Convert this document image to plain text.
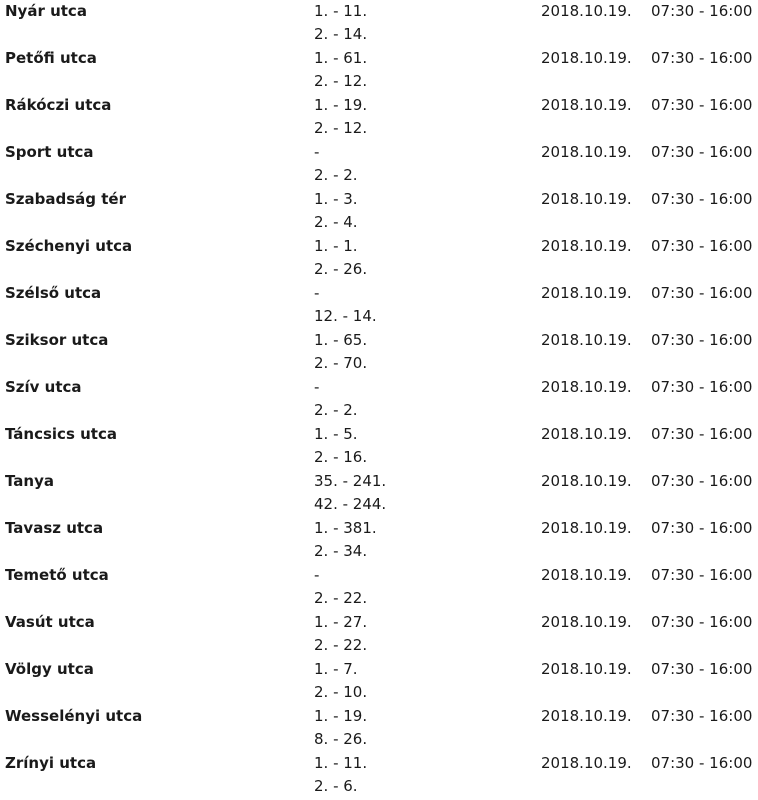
Nyár utca	1. - 11.
2. - 14.
2018.10.19. 07:30 - 16:00
Petőfi utca	1. - 61.
2. - 12.
2018.10.19. 07:30 - 16:00
Rákóczi utca	1. - 19.
2. - 12.
2018.10.19. 07:30 - 16:00
Sport utca	-
2. - 2.
2018.10.19. 07:30 - 16:00
Szabadság tér	1. - 3.
2. - 4.
2018.10.19. 07:30 - 16:00
Széchenyi utca	1. - 1.
2. - 26.
2018.10.19. 07:30 - 16:00
Szélső utca	-
12. - 14.
2018.10.19. 07:30 - 16:00
Sziksor utca	1. - 65.
2. - 70.
2018.10.19. 07:30 - 16:00
Szív utca	-
2. - 2.
2018.10.19. 07:30 - 16:00
Táncsics utca	1. - 5.
2. - 16.
2018.10.19. 07:30 - 16:00
Tanya	35. - 241.
42. - 244.
2018.10.19. 07:30 - 16:00
Tavasz utca	1. - 381.
2. - 34.
2018.10.19. 07:30 - 16:00
Temető utca	-
2. - 22.
2018.10.19. 07:30 - 16:00
Vasút utca	1. - 27.
2. - 22.
2018.10.19. 07:30 - 16:00
Völgy utca	1. - 7.
2. - 10.
2018.10.19. 07:30 - 16:00
Wesselényi utca	1. - 19.
8. - 26.
2018.10.19. 07:30 - 16:00
Zrínyi utca	1. - 11.
2. - 6.
2018.10.19. 07:30 - 16:00
